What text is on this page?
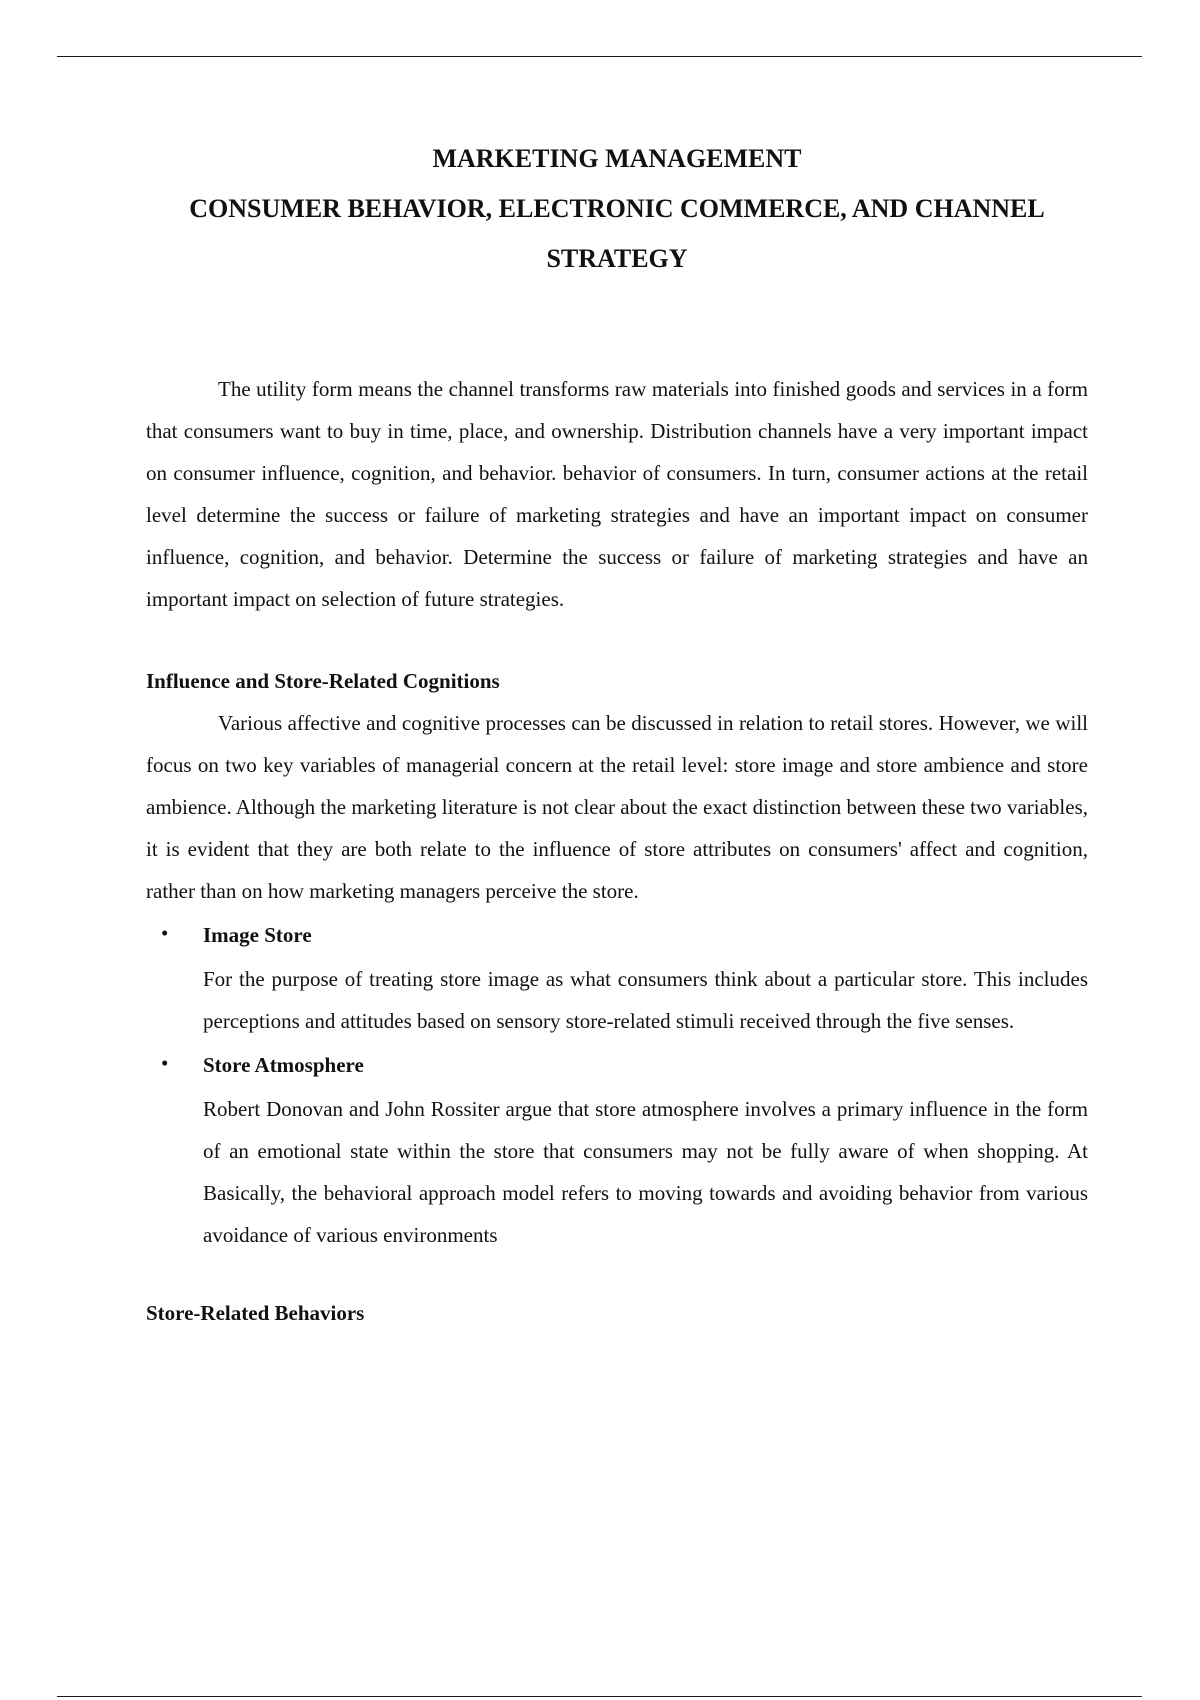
MARKETING MANAGEMENT
CONSUMER BEHAVIOR, ELECTRONIC COMMERCE, AND CHANNEL
STRATEGY

The utility form means the channel transforms raw materials into finished goods and services in a form that consumers want to buy in time, place, and ownership. Distribution channels have a very important impact on consumer influence, cognition, and behavior. behavior of consumers. In turn, consumer actions at the retail level determine the success or failure of marketing strategies and have an important impact on consumer influence, cognition, and behavior. Determine the success or failure of marketing strategies and have an important impact on selection of future strategies.

Influence and Store-Related Cognitions

Various affective and cognitive processes can be discussed in relation to retail stores. However, we will focus on two key variables of managerial concern at the retail level: store image and store ambience and store ambience. Although the marketing literature is not clear about the exact distinction between these two variables, it is evident that they are both relate to the influence of store attributes on consumers' affect and cognition, rather than on how marketing managers perceive the store.

• Image Store

For the purpose of treating store image as what consumers think about a particular store. This includes perceptions and attitudes based on sensory store-related stimuli received through the five senses.

• Store Atmosphere

Robert Donovan and John Rossiter argue that store atmosphere involves a primary influence in the form of an emotional state within the store that consumers may not be fully aware of when shopping. At Basically, the behavioral approach model refers to moving towards and avoiding behavior from various avoidance of various environments

Store-Related Behaviors
